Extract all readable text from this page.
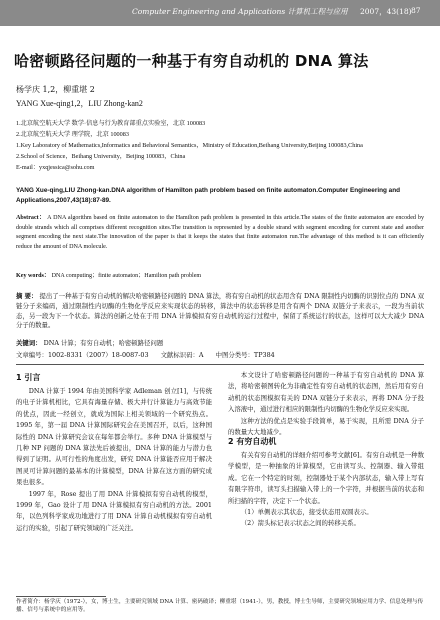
Computer Engineering and Applications 计算机工程与应用 2007，43(18) 87
哈密顿路径问题的一种基于有穷自动机的 DNA 算法
杨学庆 1,2，柳重堪 2
YANG Xue-qing1,2，LIU Zhong-kan2
1.北京航空航天大学 数学·信息与行为教育部重点实验室，北京 100083
2.北京航空航天大学 理学院，北京 100083
1.Key Laboratory of Mathematics,Informatics and Behavioral Semantics，Ministry of Education,Beihang University,Beijing 100083,China
2.School of Science，Beihang University，Beijing 100083，China
E-mail：yxqjessica@sohu.com
YANG Xue-qing,LIU Zhong-kan.DNA algorithm of Hamilton path problem based on finite automaton.Computer Engineering and Applications,2007,43(18):87-89.
Abstract： A DNA algorithm based on finite automaton to the Hamilton path problem is presented in this article.The states of the finite automaton are encoded by double strands which all comprises different recognition sites.The transition is represented by a double strand with segment encoding for current state and another segment encoding the next state.The innovation of the paper is that it keeps the states that finite automaton run.The advantage of this method is it can efficiently reduce the amount of DNA molecule.
Key words： DNA computing；finite automaton；Hamilton path problem
摘 要： 提出了一种基于有穷自动机的解决哈密顿路径问题的 DNA 算法，将有穷自动机的状态用含有 DNA 限制性内切酶的识别位点的 DNA 双链分子来编码，通过限制性内切酶的生物化学反应来实现状态的转移，算法中的状态转移是用含有两个 DNA 双链分子来表示，一段为当前状态，另一段为下一个状态。算法的创新之处在于用 DNA 计算模拟有穷自动机的运行过程中，保留了系统运行的状态，这样可以大大减少 DNA 分子的数量。
关键词： DNA 计算；有穷自动机；哈密顿路径问题
文章编号：1002-8331（2007）18-0087-03 文献标识码：A 中图分类号：TP384
1 引言

DNA 计算于 1994 年由美国科学家 Adleman 创立[1]，与传统的电子计算机相比，它具有海量存储、极大并行计算能力与高效节能的优点，因此一经创立，就成为国际上相关领域的一个研究热点。1995 年，第一届 DNA 计算国际研究会在美国召开，以后，这种国际性的 DNA 计算研究会议在每年都会举行。多种 DNA 计算模型与几种 NP 问题的 DNA 算法先后被提出，DNA 计算的能力与潜力也得到了证明。从可行性的角度出发，研究 DNA 计算能否应用于解决图灵可计算问题的最基本的计算模型，DNA 计算在这方面的研究成果也很多。

1997 年，Rose 提出了用 DNA 计算模拟有穷自动机的模型，1999 年，Gao 设计了用 DNA 计算模拟有穷自动机的方法。2001 年，以色列科学家成功地进行了用 DNA 计算自动机模拟有穷自动机运行的实验，引起了研究领域的广泛关注。

本文设计了哈密顿路径问题的一种基于有穷自动机的 DNA 算法，将哈密顿图转化为非确定性有穷自动机的状态图，然后用有穷自动机的状态图模拟有关的 DNA 双链分子来表示，再将 DNA 分子投入溶液中，通过进行相应的限制性内切酶的生物化学反应来实现。

这种方法的优点是实验手段简单，易于实现，且所需 DNA 分子的数量大大地减少。

2 有穷自动机

有关有穷自动机的详细介绍可参考文献[6]。有穷自动机是一种数学模型，是一种抽象的计算模型，它由读写头、控制器、输入带组成。它在一个特定的时刻，控制器处于某个内部状态，输入带上写有有限字符串，读写头扫描输入带上的一个字符，并根据当前的状态和所扫描的字符，决定下一个状态。

（1）单侧表示其状态，接受状态用双圆表示。

（2）箭头标记表示状态之间的转移关系。

作者简介：杨学庆（1972-），女，博士生，主要研究领域 DNA 计算、密码破译；柳重堪（1941-），男，教授，博士生导师，主要研究领域应用力学、信息处理与传播、信号与系统中的应用等。
